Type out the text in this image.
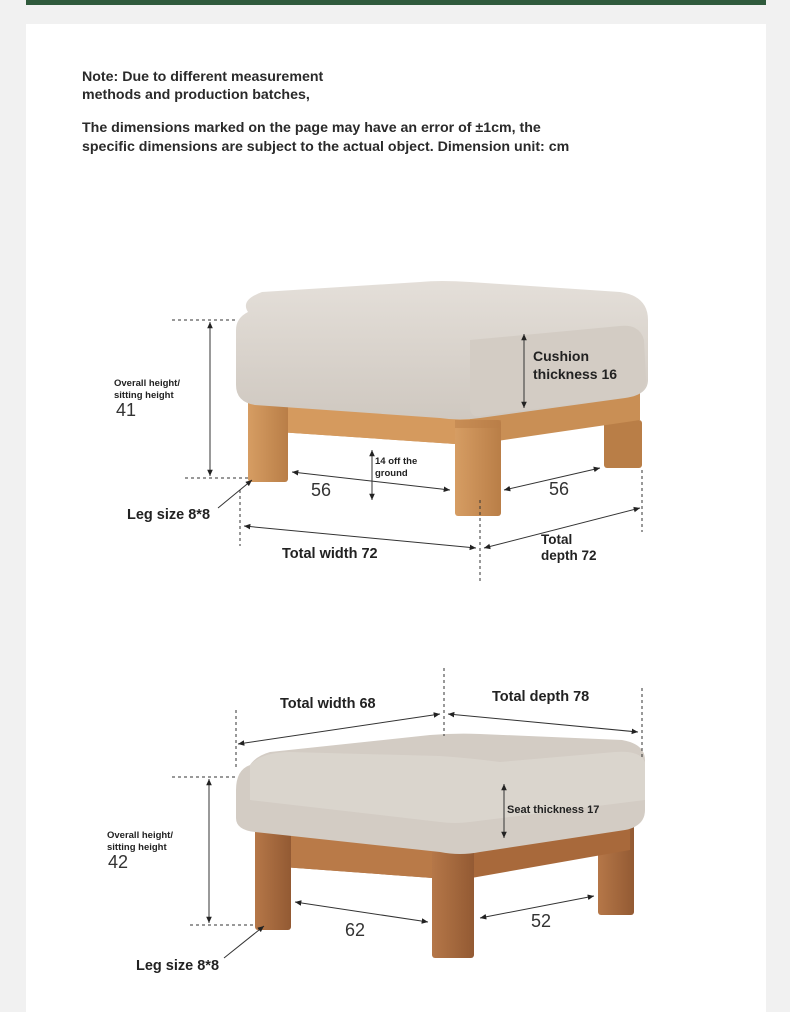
Note: Due to different measurement
methods and production batches,
The dimensions marked on the page may have an error of ±1cm, the
specific dimensions are subject to the actual object. Dimension unit: cm
Overall height/
sitting height
41
Cushion
thickness 16
14 off the
ground
56	56
Leg size 8*8
Total width 72
Total
depth 72
Total width 68	Total depth 78
Overall height/
sitting height
42
Seat thickness 17
62	52
Leg size 8*8
